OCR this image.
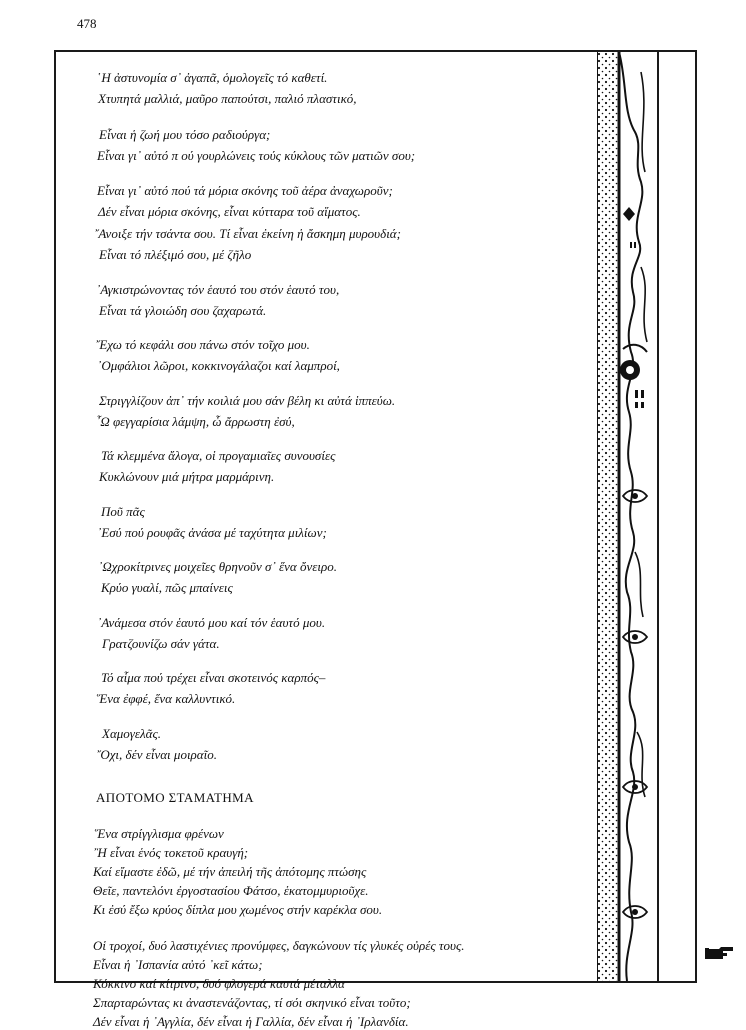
478
῾Η ἀστυνομία σ᾽ ἀγαπᾶ, ὁμολογεῖς τό καθετί.
Χτυπητά μαλλιά, μαῦρο παπούτσι, παλιό πλαστικό,
Εἶναι ἡ ζωή μου τόσο ραδιούργα;
Εἶναι γι᾽ αὐτό π ού γουρλώνεις τούς κύκλους τῶν ματιῶν σου;
Εἶναι γι᾽ αὐτό πού τά μόρια σκόνης τοῦ ἀέρα ἀναχωροῦν;
Δέν εἶναι μόρια σκόνης, εἶναι κύτταρα τοῦ αἵματος.
῎Ανοιξε τήν τσάντα σου. Τί εἶναι ἐκείνη ἡ ἄσκημη μυρουδιά;
Εἶναι τό πλέξιμό σου, μέ ζῆλο
᾽Αγκιστρώνοντας τόν ἑαυτό του στόν ἑαυτό του,
Εἶναι τά γλοιώδη σου ζαχαρωτά.
῎Εχω τό κεφάλι σου πάνω στόν τοῖχο μου.
᾽Ομφάλιοι λῶροι, κοκκινογάλαζοι καί λαμπροί,
Στριγγλίζουν ἀπ᾽ τήν κοιλιά μου σάν βέλη κι αὐτά ἱππεύω.
῏Ω φεγγαρίσια λάμψη, ὦ ἄρρωστη ἐσύ,
Τά κλεμμένα ἄλογα, οἱ προγαμιαῖες συνουσίες
Κυκλώνουν μιά μήτρα μαρμάρινη.
Ποῦ πᾶς
᾽Εσύ πού ρουφᾶς ἀνάσα μέ ταχύτητα μιλίων;
᾽Ωχροκίτρινες μοιχεῖες θρηνοῦν σ᾽ ἕνα ὄνειρο.
Κρύο γυαλί, πῶς μπαίνεις
᾽Ανάμεσα στόν ἑαυτό μου καί τόν ἑαυτό μου.
Γρατζουνίζω σάν γάτα.
Τό αἷμα πού τρέχει εἶναι σκοτεινός καρπός–
῞Ενα ἐφφέ, ἕνα καλλυντικό.
Χαμογελᾶς.
῎Οχι, δέν εἶναι μοιραῖο.
ΑΠΟΤΟΜΟ ΣΤΑΜΑΤΗΜΑ
῞Ενα στρίγγλισμα φρένων
῍Η εἶναι ἑνός τοκετοῦ κραυγή;
Καί εἴμαστε ἐδῶ, μέ τήν ἀπειλή τῆς ἀπότομης πτώσης
Θεῖε, παντελόνι ἐργοστασίου Φάτσο, ἑκατομμυριοῦχε.
Κι ἐσύ ἔξω κρύος δίπλα μου χωμένος στήν καρέκλα σου.
Οἱ τροχοί, δυό λαστιχένιες προνύμφες, δαγκώνουν τίς γλυκές οὐρές τους.
Εἶναι ἡ ᾽Ισπανία αὐτό ᾽κεῖ κάτω;
Κόκκινο καί κίτρινο, δυό φλογερά καυτά μέταλλα
Σπαρταρώντας κι ἀναστενάζοντας, τί σόι σκηνικό εἶναι τοῦτο;
Δέν εἶναι ἡ ᾽Αγγλία, δέν εἶναι ἡ Γαλλία, δέν εἶναι ἡ ᾽Ιρλανδία.
